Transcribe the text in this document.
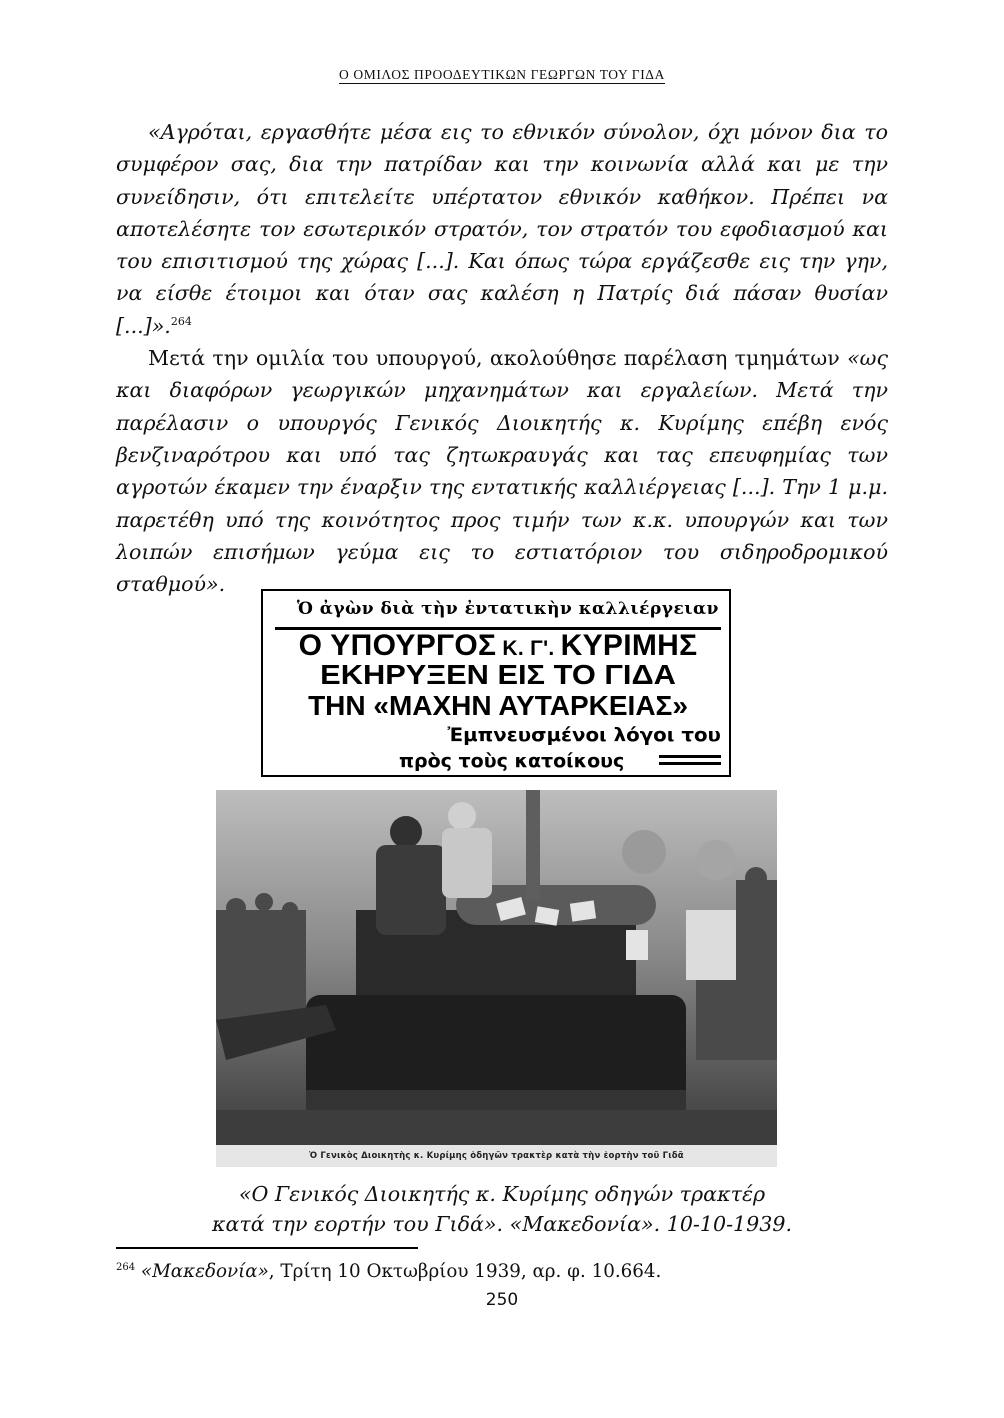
Ο ΟΜΙΛΟΣ ΠΡΟΟΔΕΥΤΙΚΩΝ ΓΕΩΡΓΩΝ ΤΟΥ ΓΙΔΑ

«Αγρόται, εργασθήτε μέσα εις το εθνικόν σύνολον, όχι μόνον δια το συμφέρον σας, δια την πατρίδαν και την κοινωνία αλλά και με την συνείδησιν, ότι επιτελείτε υπέρτατον εθνικόν καθήκον. Πρέπει να αποτελέσητε τον εσωτερικόν στρατόν, τον στρατόν του εφοδιασμού και του επισιτισμού της χώρας [...]. Και όπως τώρα εργάζεσθε εις την γην, να είσθε έτοιμοι και όταν σας καλέση η Πατρίς διά πάσαν θυσίαν [...]».$^{264}$

Μετά την ομιλία του υπουργού, ακολούθησε παρέλαση τμημάτων «ως και διαφόρων γεωργικών μηχανημάτων και εργαλείων. Μετά την παρέλασιν ο υπουργός Γενικός Διοικητής κ. Κυρίμης επέβη ενός βενζιναρότρου και υπό τας ζητωκραυγάς και τας επευφημίας των αγροτών έκαμεν την έναρξιν της εντατικής καλλιέργειας [...]. Την 1 μ.μ. παρετέθη υπό της κοινότητος προς τιμήν των κ.κ. υπουργών και των λοιπών επισήμων γεύμα εις το εστιατόριον του σιδηροδρομικού σταθμού».

Ὁ ἀγὼν διὰ τὴν ἐντατικὴν καλλιέργειαν
Ο ΥΠΟΥΡΓΟΣ Κ. Γ'. ΚΥΡΙΜΗΣ
ΕΚΗΡΥΞΕΝ ΕΙΣ ΤΟ ΓΙΔΑ
ΤΗΝ «ΜΑΧΗΝ ΑΥΤΑΡΚΕΙΑΣ»
Ἐμπνευσμένοι λόγοι του
πρὸς τοὺς κατοίκους
Ὁ Γενικὸς Διοικητὴς κ. Κυρίμης ὁδηγῶν τρακτὲρ κατὰ τὴν ἑορτὴν τοῦ Γιδᾶ
«Ο Γενικός Διοικητής κ. Κυρίμης οδηγών τρακτέρ
κατά την εορτήν του Γιδά». «Μακεδονία». 10-10-1939.
$^{264}$ «Μακεδονία», Τρίτη 10 Οκτωβρίου 1939, αρ. φ. 10.664.
250
